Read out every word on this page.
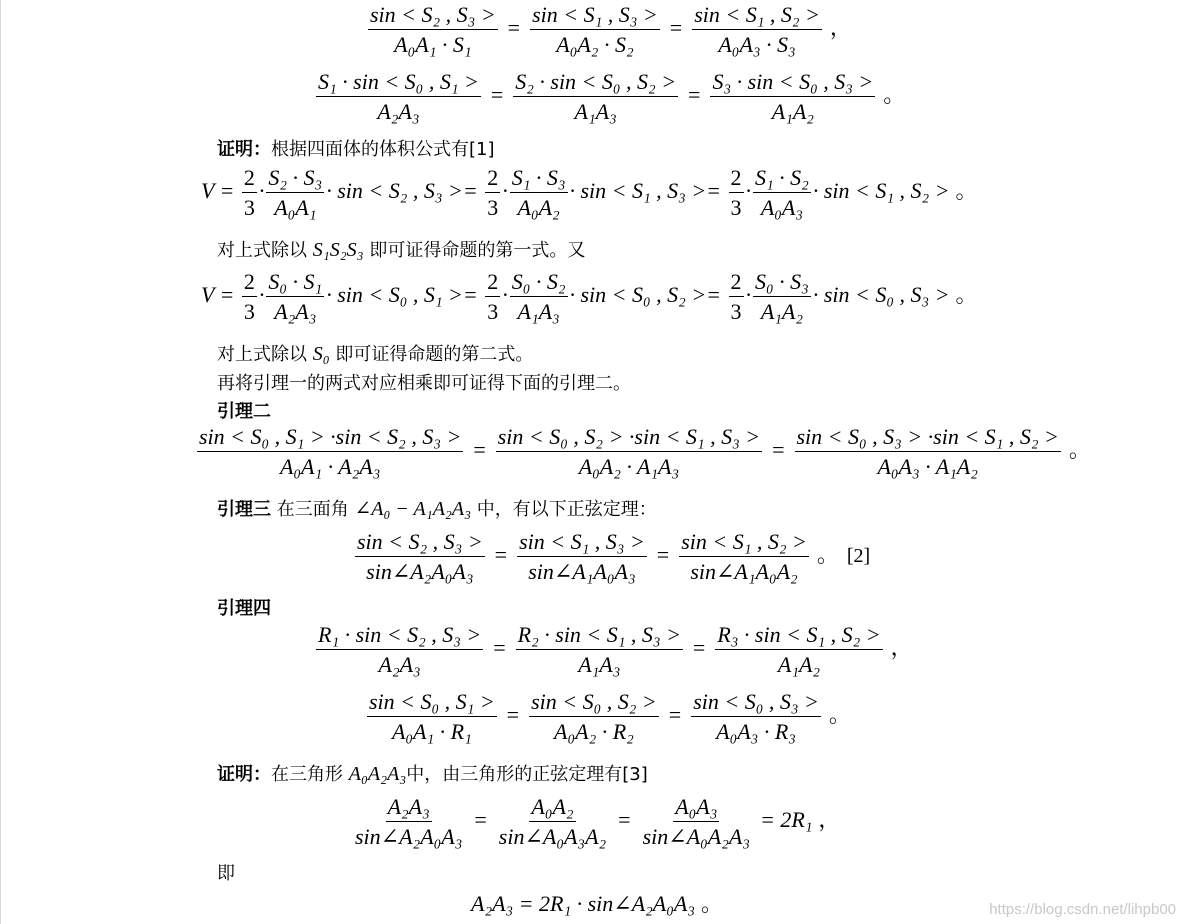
$\frac{\text{sin < S₂ , S₃ >}}{\text{A₀A₁ · S₁}} = \frac{\text{sin < S₁ , S₃ >}}{\text{A₀A₂ · S₂}} = \frac{\text{sin < S₁ , S₂ >}}{\text{A₀A₃ · S₃}}$ ，
$\frac{\text{S₁ · sin < S₀ , S₁ >}}{\text{A₂A₃}} = \frac{\text{S₂ · sin < S₀ , S₂ >}}{\text{A₁A₃}} = \frac{\text{S₃ · sin < S₀ , S₃ >}}{\text{A₁A₂}}$ 。
证明：根据四面体的体积公式有[1]
$V = \frac{2}{3} \cdot \frac{\text{S₂ · S₃}}{\text{A₀A₁}} \cdot \sin < S_2$ , $S_3 >= \frac{2}{3} \cdot \frac{\text{S₁ · S₃}}{\text{A₀A₂}} \cdot \sin < S_1$ , $S_3 >= \frac{2}{3} \cdot \frac{\text{S₁ · S₂}}{\text{A₀A₃}} \cdot \sin < S_1$ , S₂ > 。
对上式除以 S₁S₂S₃ 即可证得命题的第一式。又
$V = \frac{2}{3} \cdot \frac{\text{S₀ · S₁}}{\text{A₂A₃}} \cdot \sin < S_0$ , $S_1 >= \frac{2}{3} \cdot \frac{\text{S₀ · S₂}}{\text{A₁A₃}} \cdot \sin < S_0$ , $S_2 >= \frac{2}{3} \cdot \frac{\text{S₀ · S₃}}{\text{A₁A₂}} \cdot \sin < S_0$ , S₃ > 。
对上式除以 S₀ 即可证得命题的第二式。
再将引理一的两式对应相乘即可证得下面的引理二。
引理二
$\frac{\text{sin < S₀ , S₁ > ·sin < S₂ , S₃ >}}{\text{A₀A₁ · A₂A₃}} = \frac{\text{sin < S₀ , S₂ > ·sin < S₁ , S₃ >}}{\text{A₀A₂ · A₁A₃}} = \frac{\text{sin < S₀ , S₃ > ·sin < S₁ , S₂ >}}{\text{A₀A₃ · A₁A₂}}$ 。
引理三 在三面角 ∠A₀ − A₁A₂A₃ 中，有以下正弦定理：
$\frac{\text{sin < S₂ , S₃ >}}{\text{sin∠A₂A₀A₃}} = \frac{\text{sin < S₁ , S₃ >}}{\text{sin∠A₁A₀A₃}} = \frac{\text{sin < S₁ , S₂ >}}{\text{sin∠A₁A₀A₂}}$ 。 [2]
引理四
$\frac{\text{R₁ · sin < S₂ , S₃ >}}{\text{A₂A₃}} = \frac{\text{R₂ · sin < S₁ , S₃ >}}{\text{A₁A₃}} = \frac{\text{R₃ · sin < S₁ , S₂ >}}{\text{A₁A₂}}$ ，
$\frac{\text{sin < S₀ , S₁ >}}{\text{A₀A₁ · R₁}} = \frac{\text{sin < S₀ , S₂ >}}{\text{A₀A₂ · R₂}} = \frac{\text{sin < S₀ , S₃ >}}{\text{A₀A₃ · R₃}}$ 。
证明：在三角形 A₀A₂A₃中，由三角形的正弦定理有[3]
$\frac{\text{A₂A₃}}{\text{sin∠A₂A₀A₃}} = \frac{\text{A₀A₂}}{\text{sin∠A₀A₃A₂}} = \frac{\text{A₀A₃}}{\text{sin∠A₀A₂A₃}} = 2R_1$ ，
即
A₂A₃ = 2R₁ · sin∠A₂A₀A₃ 。	https://blog.csdn.net/lihpb00
